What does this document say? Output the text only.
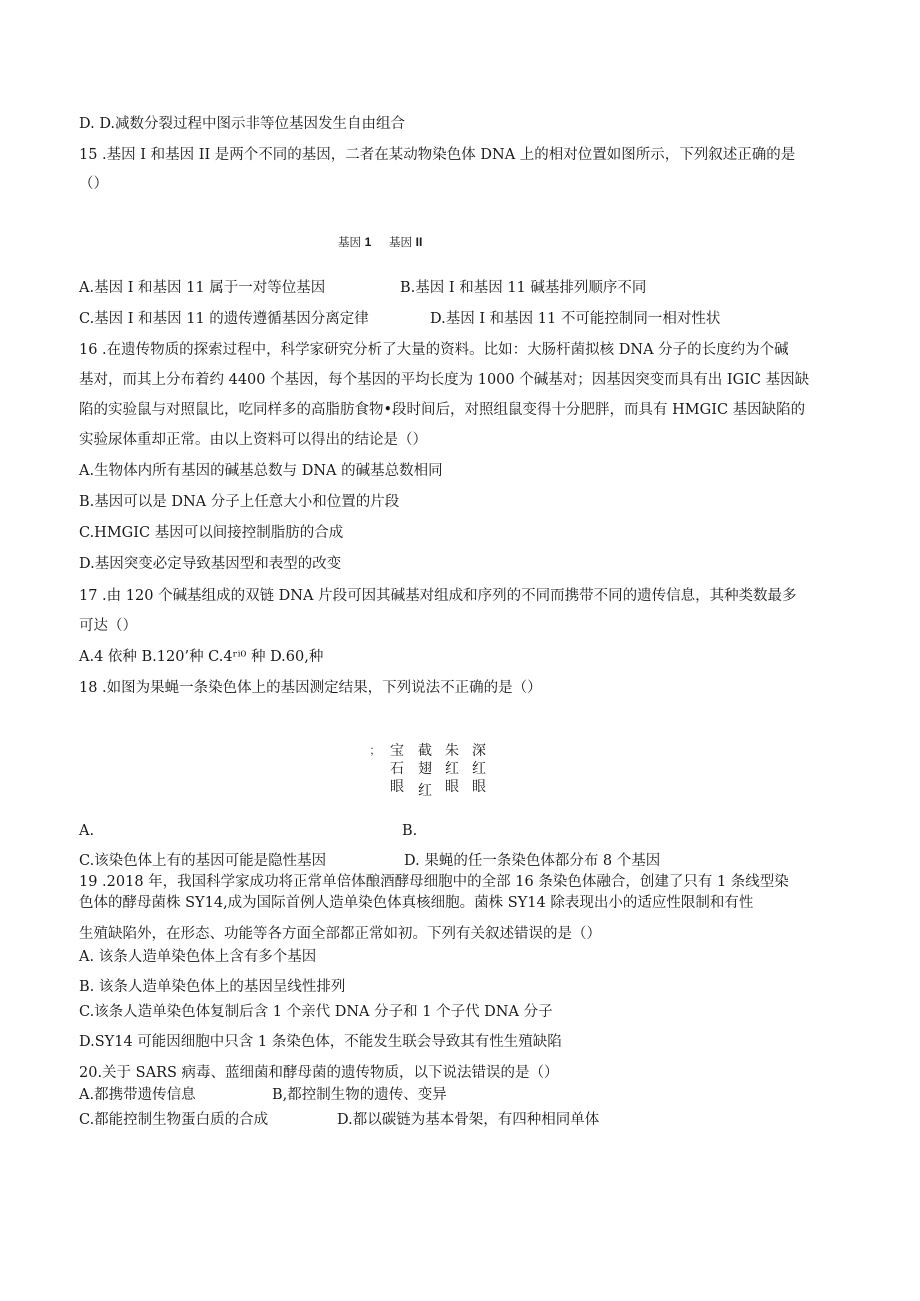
D. D.减数分裂过程中图示非等位基因发生自由组合
15 .基因 I 和基因 II 是两个不同的基因，二者在某动物染色体 DNA 上的相对位置如图所示，下列叙述正确的是
（）
基因 1 基因 II
A.基因 I 和基因 11 属于一对等位基因	B.基因 I 和基因 11 碱基排列顺序不同
C.基因 I 和基因 11 的遗传遵循基因分离定律	D.基因 I 和基因 11 不可能控制同一相对性状
16 .在遗传物质的探索过程中，科学家研究分析了大量的资料。比如：大肠杆菌拟核 DNA 分子的长度约为个碱
基对，而其上分布着约 4400 个基因，每个基因的平均长度为 1000 个碱基对；因基因突变而具有出 IGIC 基因缺
陷的实验鼠与对照鼠比，吃同样多的高脂肪食物•段时间后，对照组鼠变得十分肥胖，而具有 HMGIC 基因缺陷的
实验尿体重却正常。由以上资料可以得出的结论是（）
A.生物体内所有基因的碱基总数与 DNA 的碱基总数相同
B.基因可以是 DNA 分子上任意大小和位置的片段
C.HMGIC 基因可以间接控制脂肪的合成
D.基因突变必定导致基因型和表型的改变
17 .由 120 个碱基组成的双链 DNA 片段可因其碱基对组成和序列的不同而携带不同的遗传信息，其种类数最多
可达（）
A.4 依种 B.120’种 C.4ʳⁱ⁰ 种 D.60,种
18 .如图为果蝇一条染色体上的基因测定结果，下列说法不正确的是（）
﹔ 宝
石
眼
截
翅
红
朱
红
眼
深
红
眼
A.	B.
C.该染色体上有的基因可能是隐性基因	D. 果蝇的任一条染色体都分布 8 个基因
19 .2018 年，我国科学家成功将正常单倍体酿酒酵母细胞中的全部 16 条染色体融合，创建了只有 1 条线型染
色体的酵母菌株 SY14,成为国际首例人造单染色体真核细胞。菌株 SY14 除表现出小的适应性限制和有性
生殖缺陷外，在形态、功能等各方面全部都正常如初。下列有关叙述错误的是（）
A. 该条人造单染色体上含有多个基因
B. 该条人造单染色体上的基因呈线性排列
C.该条人造单染色体复制后含 1 个亲代 DNA 分子和 1 个子代 DNA 分子
D.SY14 可能因细胞中只含 1 条染色体，不能发生联会导致其有性生殖缺陷
20.关于 SARS 病毒、蓝细菌和酵母菌的遗传物质，以下说法错误的是（）
A.都携带遗传信息	B,都控制生物的遗传、变异
C.都能控制生物蛋白质的合成	D.都以碳链为基本骨架，有四种相同单体
